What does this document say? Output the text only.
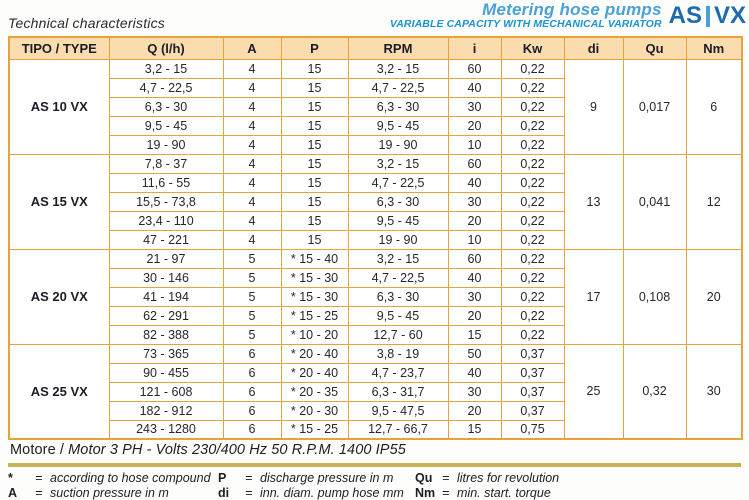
Technical characteristics
Metering hose pumps
VARIABLE CAPACITY WITH MECHANICAL VARIATOR AS VX
TIPO / TYPE	Q (l/h)	A	P	RPM	i	Kw	di	Qu	Nm
AS 10 VX	3,2 - 15	4	15	3,2 - 15	60	0,22	9	0,017	6
	4,7 - 22,5	4	15	4,7 - 22,5	40	0,22			
	6,3 - 30	4	15	6,3 - 30	30	0,22			
	9,5 - 45	4	15	9,5 - 45	20	0,22			
	19 - 90	4	15	19 - 90	10	0,22			
AS 15 VX	7,8 - 37	4	15	3,2 - 15	60	0,22	13	0,041	12
	11,6 - 55	4	15	4,7 - 22,5	40	0,22			
	15,5 - 73,8	4	15	6,3 - 30	30	0,22			
	23,4 - 110	4	15	9,5 - 45	20	0,22			
	47 - 221	4	15	19 - 90	10	0,22			
AS 20 VX	21 - 97	5	* 15 - 40	3,2 - 15	60	0,22	17	0,108	20
	30 - 146	5	* 15 - 30	4,7 - 22,5	40	0,22			
	41 - 194	5	* 15 - 30	6,3 - 30	30	0,22			
	62 - 291	5	* 15 - 25	9,5 - 45	20	0,22			
	82 - 388	5	* 10 - 20	12,7 - 60	15	0,22			
AS 25 VX	73 - 365	6	* 20 - 40	3,8 - 19	50	0,37	25	0,32	30
	90 - 455	6	* 20 - 40	4,7 - 23,7	40	0,37			
	121 - 608	6	* 20 - 35	6,3 - 31,7	30	0,37			
	182 - 912	6	* 20 - 30	9,5 - 47,5	20	0,37			
	243 - 1280	6	* 15 - 25	12,7 - 66,7	15	0,75			
Motore / Motor 3 PH - Volts 230/400 Hz 50 R.P.M. 1400 IP55
*	= according to hose compound
A	= suction pressure in m
P	= discharge pressure in m
di	= inn. diam. pump hose mm
Qu = litres for revolution
Nm = min. start. torque
